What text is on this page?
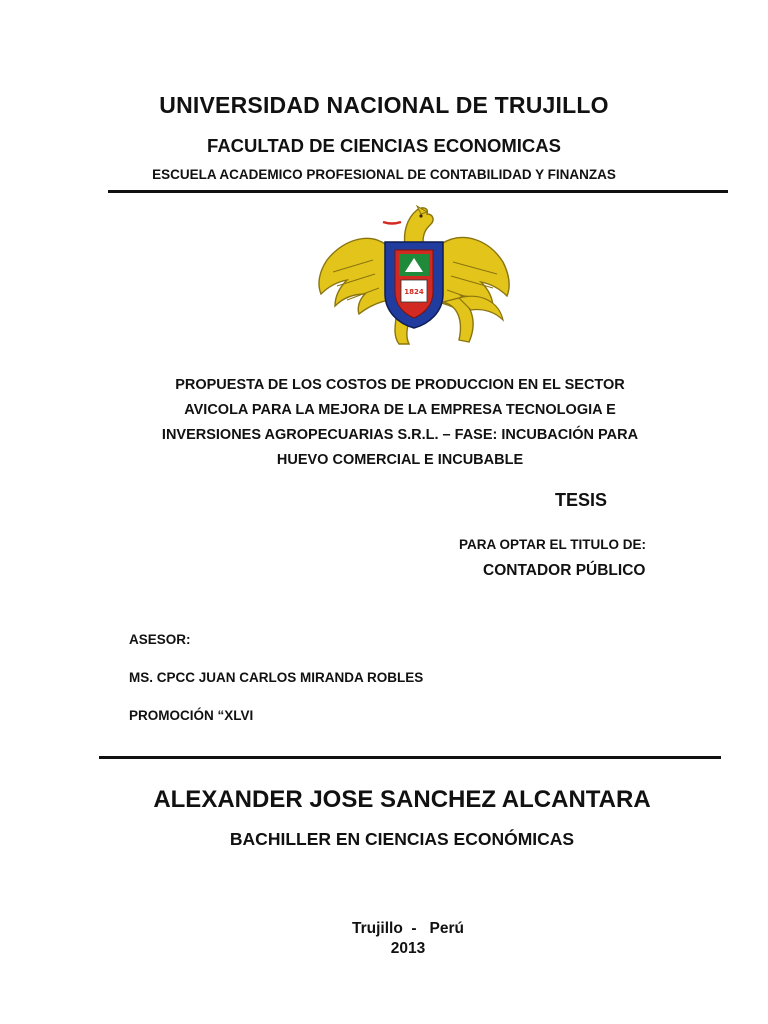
UNIVERSIDAD NACIONAL DE TRUJILLO
FACULTAD DE CIENCIAS ECONOMICAS
ESCUELA ACADEMICO PROFESIONAL DE CONTABILIDAD Y FINANZAS
1824
PROPUESTA DE LOS COSTOS DE PRODUCCION EN EL SECTOR
AVICOLA PARA LA MEJORA DE LA EMPRESA TECNOLOGIA E
INVERSIONES AGROPECUARIAS S.R.L. – FASE: INCUBACIÓN PARA
HUEVO COMERCIAL E INCUBABLE
TESIS
PARA OPTAR EL TITULO DE:
CONTADOR PÚBLICO
ASESOR:
MS. CPCC JUAN CARLOS MIRANDA ROBLES
PROMOCIÓN “XLVI
ALEXANDER JOSE SANCHEZ ALCANTARA
BACHILLER EN CIENCIAS ECONÓMICAS
Trujillo  -   Perú
2013
